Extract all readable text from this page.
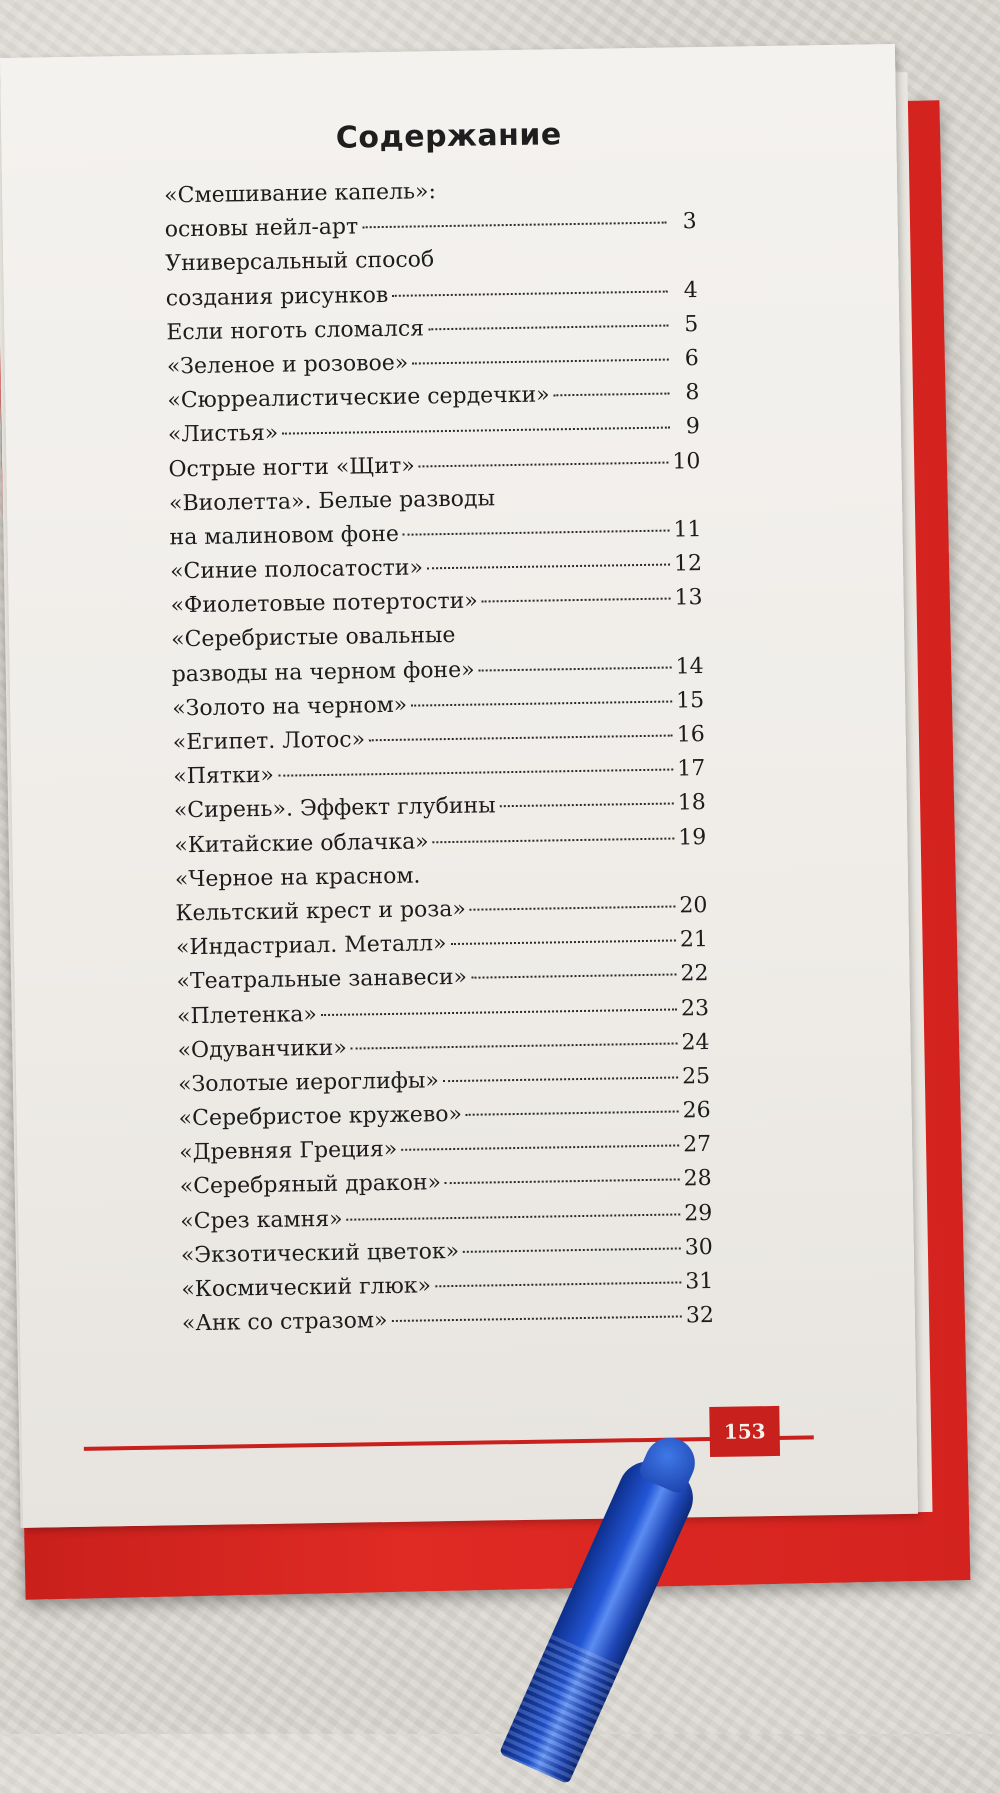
Содержание
«Смешивание капель»:
основы нейл-арт	3
Универсальный способ
создания рисунков	4
Если ноготь сломался	5
«Зеленое и розовое»	6
«Сюрреалистические сердечки»	8
«Листья»	9
Острые ногти «Щит»	10
«Виолетта». Белые разводы
на малиновом фоне	11
«Синие полосатости»	12
«Фиолетовые потертости»	13
«Серебристые овальные
разводы на черном фоне»	14
«Золото на черном»	15
«Египет. Лотос»	16
«Пятки»	17
«Сирень». Эффект глубины	18
«Китайские облачка»	19
«Черное на красном.
Кельтский крест и роза»	20
«Индастриал. Металл»	21
«Театральные занавеси»	22
«Плетенка»	23
«Одуванчики»	24
«Золотые иероглифы»	25
«Серебристое кружево»	26
«Древняя Греция»	27
«Серебряный дракон»	28
«Срез камня»	29
«Экзотический цветок»	30
«Космический глюк»	31
«Анк со стразом»	32
153
